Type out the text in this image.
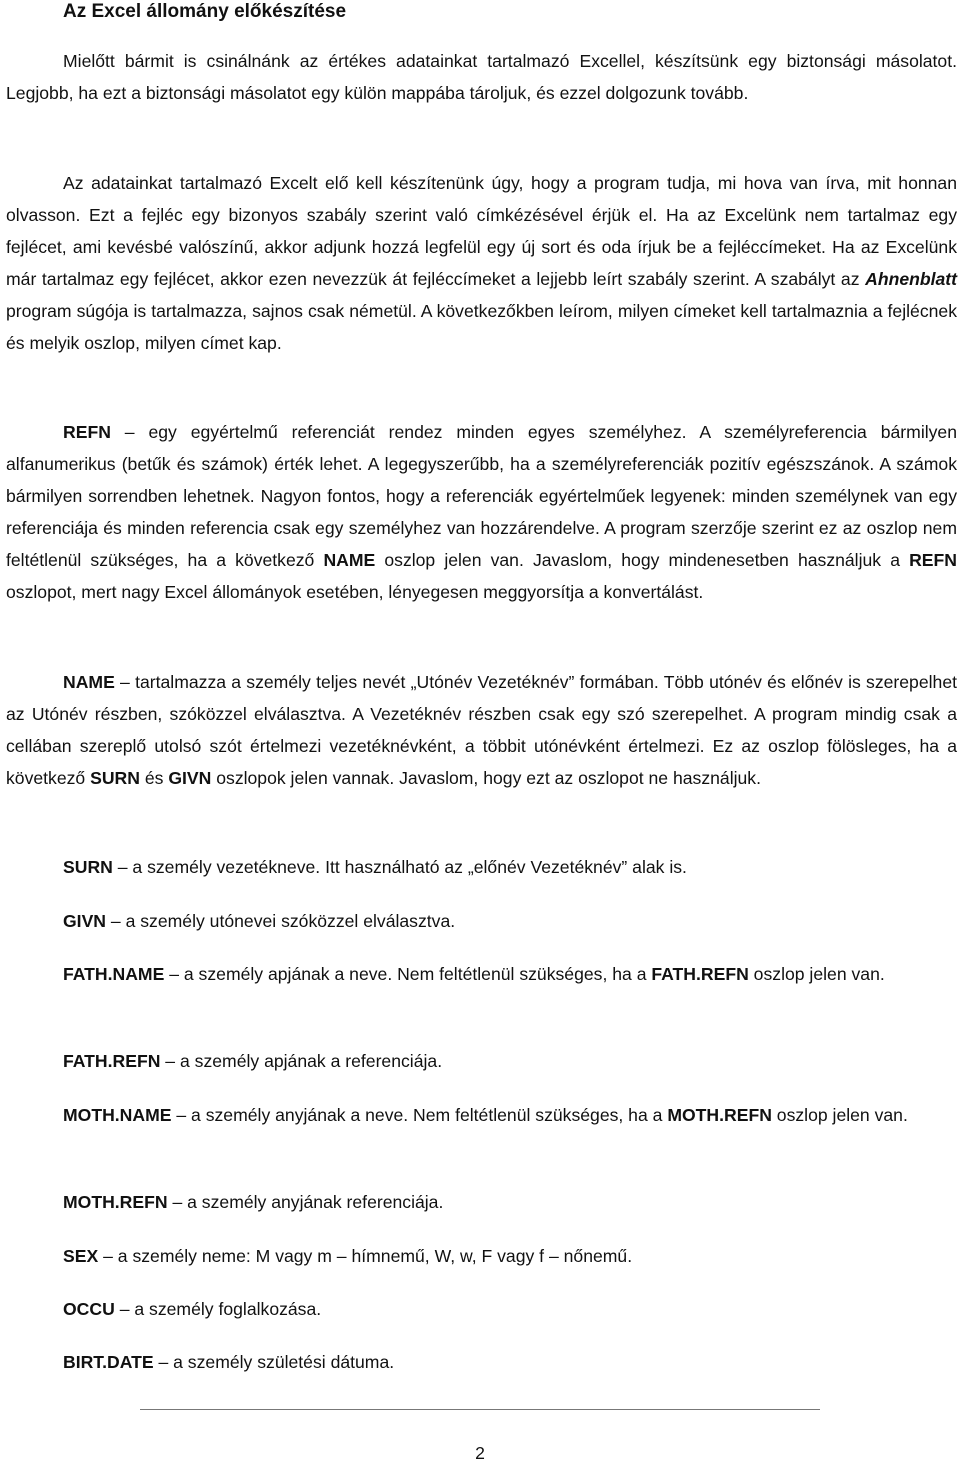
Az Excel állomány előkészítése

Mielőtt bármit is csinálnánk az értékes adatainkat tartalmazó Excellel, készítsünk egy biztonsági másolatot. Legjobb, ha ezt a biztonsági másolatot egy külön mappába tároljuk, és ezzel dolgozunk tovább.

Az adatainkat tartalmazó Excelt elő kell készítenünk úgy, hogy a program tudja, mi hova van írva, mit honnan olvasson. Ezt a fejléc egy bizonyos szabály szerint való címkézésével érjük el. Ha az Excelünk nem tartalmaz egy fejlécet, ami kevésbé valószínű, akkor adjunk hozzá legfelül egy új sort és oda írjuk be a fejléccímeket. Ha az Excelünk már tartalmaz egy fejlécet, akkor ezen nevezzük át fejléccímeket a lejjebb leírt szabály szerint. A szabályt az Ahnenblatt program súgója is tartalmazza, sajnos csak németül. A következőkben leírom, milyen címeket kell tartalmaznia a fejlécnek és melyik oszlop, milyen címet kap.

REFN – egy egyértelmű referenciát rendez minden egyes személyhez. A személyreferencia bármilyen alfanumerikus (betűk és számok) érték lehet. A legegyszerűbb, ha a személyreferenciák pozitív egészszánok. A számok bármilyen sorrendben lehetnek. Nagyon fontos, hogy a referenciák egyértelműek legyenek: minden személynek van egy referenciája és minden referencia csak egy személyhez van hozzárendelve. A program szerzője szerint ez az oszlop nem feltétlenül szükséges, ha a következő NAME oszlop jelen van. Javaslom, hogy mindenesetben használjuk a REFN oszlopot, mert nagy Excel állományok esetében, lényegesen meggyorsítja a konvertálást.

NAME – tartalmazza a személy teljes nevét „Utónév Vezetéknév” formában. Több utónév és előnév is szerepelhet az Utónév részben, szóközzel elválasztva. A Vezetéknév részben csak egy szó szerepelhet. A program mindig csak a cellában szereplő utolsó szót értelmezi vezetéknévként, a többit utónévként értelmezi. Ez az oszlop fölösleges, ha a következő SURN és GIVN oszlopok jelen vannak. Javaslom, hogy ezt az oszlopot ne használjuk.

SURN – a személy vezetékneve. Itt használható az „előnév Vezetéknév” alak is.

GIVN – a személy utónevei szóközzel elválasztva.

FATH.NAME – a személy apjának a neve. Nem feltétlenül szükséges, ha a FATH.REFN oszlop jelen van.

FATH.REFN – a személy apjának a referenciája.

MOTH.NAME – a személy anyjának a neve. Nem feltétlenül szükséges, ha a MOTH.REFN oszlop jelen van.

MOTH.REFN – a személy anyjának referenciája.

SEX – a személy neme: M vagy m – hímnemű, W, w, F vagy f – nőnemű.

OCCU – a személy foglalkozása.

BIRT.DATE – a személy születési dátuma.

2
